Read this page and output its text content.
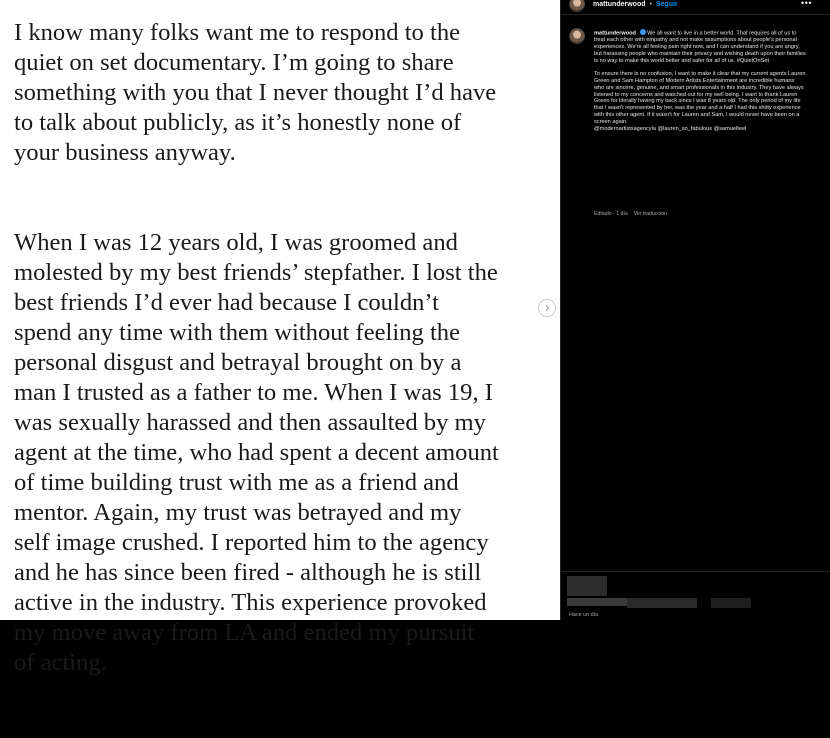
I know many folks want me to respond to the
quiet on set documentary. I’m going to share
something with you that I never thought I’d have
to talk about publicly, as it’s honestly none of
your business anyway.

When I was 12 years old, I was groomed and
molested by my best friends’ stepfather. I lost the
best friends I’d ever had because I couldn’t
spend any time with them without feeling the
personal disgust and betrayal brought on by a
man I trusted as a father to me. When I was 19, I
was sexually harassed and then assaulted by my
agent at the time, who had spent a decent amount
of time building trust with me as a friend and
mentor. Again, my trust was betrayed and my
self image crushed. I reported him to the agency
and he has since been fired - although he is still
active in the industry. This experience provoked
my move away from LA and ended my pursuit
of acting.

mattunderwood • Seguir	•••

mattunderwood We all want to live in a better world. That requires all of us to treat each other with empathy and not make assumptions about people's personal experiences. We're all feeling pain right now, and I can understand if you are angry, but harassing people who maintain their privacy and wishing death upon their families is no way to make this world better and safer for all of us. #QuietOnSet

To ensure there is no confusion, I want to make it clear that my current agents Lauren Green and Sam Hampton of Modern Artists Entertainment are incredible humans who are sincere, genuine, and smart professionals in this industry. They have always listened to my concerns and watched out for my well being. I want to thank Lauren Green for literally having my back since I was 8 years old. The only period of my life that I wasn't represented by her, was the year and a half I had this shitty experience with this other agent. If it wasn't for Lauren and Sam, I would never have been on a screen again.
@modernartistsagencyla @lauren_so_fabulous @samuelteel

Editado · 1 día Ver traducción
Hace un día
